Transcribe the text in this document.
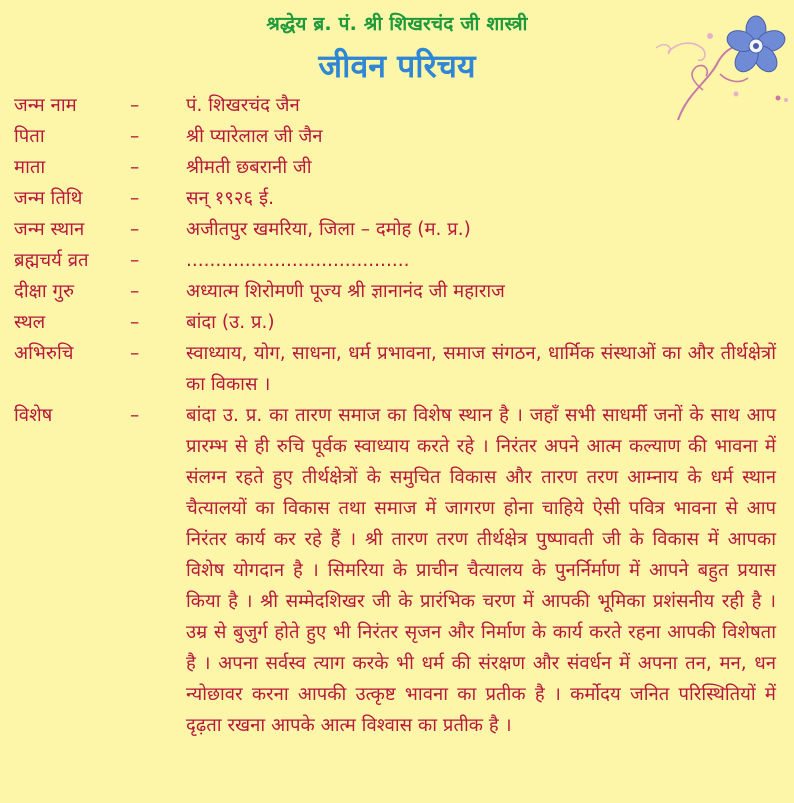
श्रद्धेय ब्र. पं. श्री शिखरचंद जी शास्त्री
जीवन परिचय
जन्म नाम	–	पं. शिखरचंद जैन
पिता	–	श्री प्यारेलाल जी जैन
माता	–	श्रीमती छबरानी जी
जन्म तिथि	–	सन् १९२६ ई.
जन्म स्थान	–	अजीतपुर खमरिया, जिला – दमोह (म. प्र.)
ब्रह्मचर्य व्रत	–	......................................
दीक्षा गुरु	–	अध्यात्म शिरोमणी पूज्य श्री ज्ञानानंद जी महाराज
स्थल	–	बांदा (उ. प्र.)
अभिरुचि	–	स्वाध्याय, योग, साधना, धर्म प्रभावना, समाज संगठन, धार्मिक संस्थाओं का और तीर्थक्षेत्रों का विकास ।
विशेष	–	बांदा उ. प्र. का तारण समाज का विशेष स्थान है । जहाँ सभी साधर्मी जनों के साथ आप प्रारम्भ से ही रुचि पूर्वक स्वाध्याय करते रहे । निरंतर अपने आत्म कल्याण की भावना में संलग्न रहते हुए तीर्थक्षेत्रों के समुचित विकास और तारण तरण आम्नाय के धर्म स्थान चैत्यालयों का विकास तथा समाज में जागरण होना चाहिये ऐसी पवित्र भावना से आप निरंतर कार्य कर रहे हैं । श्री तारण तरण तीर्थक्षेत्र पुष्पावती जी के विकास में आपका विशेष योगदान है । सिमरिया के प्राचीन चैत्यालय के पुनर्निर्माण में आपने बहुत प्रयास किया है । श्री सम्मेदशिखर जी के प्रारंभिक चरण में आपकी भूमिका प्रशंसनीय रही है । उम्र से बुजुर्ग होते हुए भी निरंतर सृजन और निर्माण के कार्य करते रहना आपकी विशेषता है । अपना सर्वस्व त्याग करके भी धर्म की संरक्षण और संवर्धन में अपना तन, मन, धन न्योछावर करना आपकी उत्कृष्ट भावना का प्रतीक है । कर्मोदय जनित परिस्थितियों में दृढ़ता रखना आपके आत्म विश्वास का प्रतीक है ।
